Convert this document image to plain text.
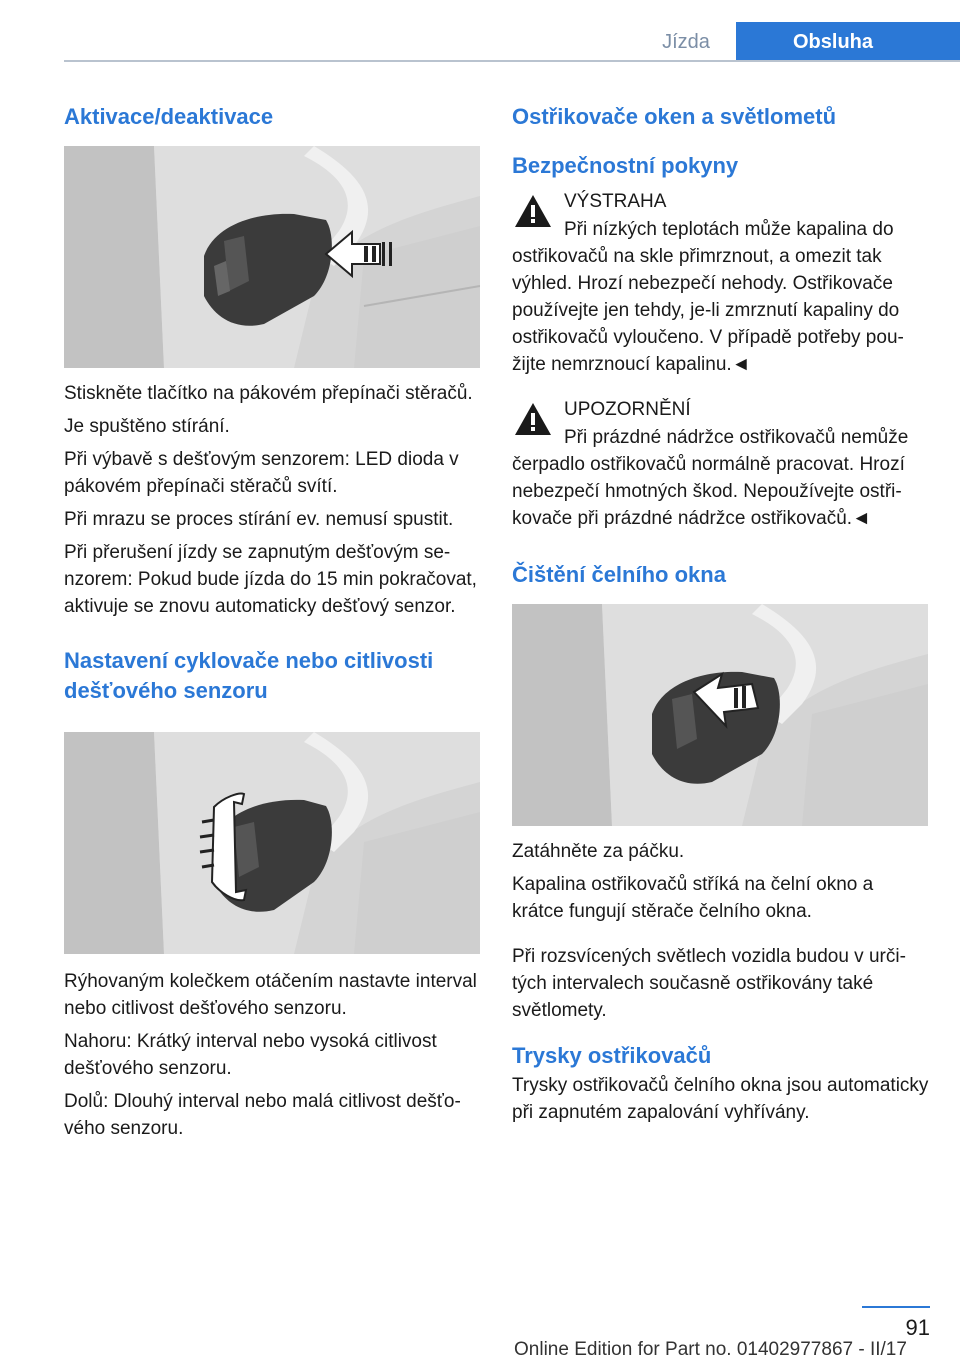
Jízda	Obsluha
Aktivace/deaktivace

Stiskněte tlačítko na pákovém přepínači stěračů.

Je spuštěno stírání.

Při výbavě s dešťovým senzorem: LED dioda v pákovém přepínači stěračů svítí.

Při mrazu se proces stírání ev. nemusí spustit.

Při přerušení jízdy se zapnutým dešťovým senzorem: Pokud bude jízda do 15 min pokračovat, aktivuje se znovu automaticky dešťový senzor.

Nastavení cyklovače nebo citlivosti dešťového senzoru

Rýhovaným kolečkem otáčením nastavte interval nebo citlivost dešťového senzoru.

Nahoru: Krátký interval nebo vysoká citlivost dešťového senzoru.

Dolů: Dlouhý interval nebo malá citlivost dešťového senzoru.

Ostřikovače oken a světlometů
Bezpečnostní pokyny
VÝSTRAHA
Při nízkých teplotách může kapalina do
ostřikovačů na skle přimrznout, a omezit tak výhled. Hrozí nebezpečí nehody. Ostřikovače používejte jen tehdy, je-li zmrznutí kapaliny do ostřikovačů vyloučeno. V případě potřeby použijte nemrznoucí kapalinu.◄
UPOZORNĚNÍ
Při prázdné nádržce ostřikovačů nemůže
čerpadlo ostřikovačů normálně pracovat. Hrozí nebezpečí hmotných škod. Nepoužívejte ostřikovače při prázdné nádržce ostřikovačů.◄
Čištění čelního okna

Zatáhněte za páčku.

Kapalina ostřikovačů stříká na čelní okno a krátce fungují stěrače čelního okna.

Při rozsvícených světlech vozidla budou v určitých intervalech současně ostřikovány také světlomety.

Trysky ostřikovačů

Trysky ostřikovačů čelního okna jsou automaticky při zapnutém zapalování vyhřívány.

91
Online Edition for Part no. 01402977867 - II/17
